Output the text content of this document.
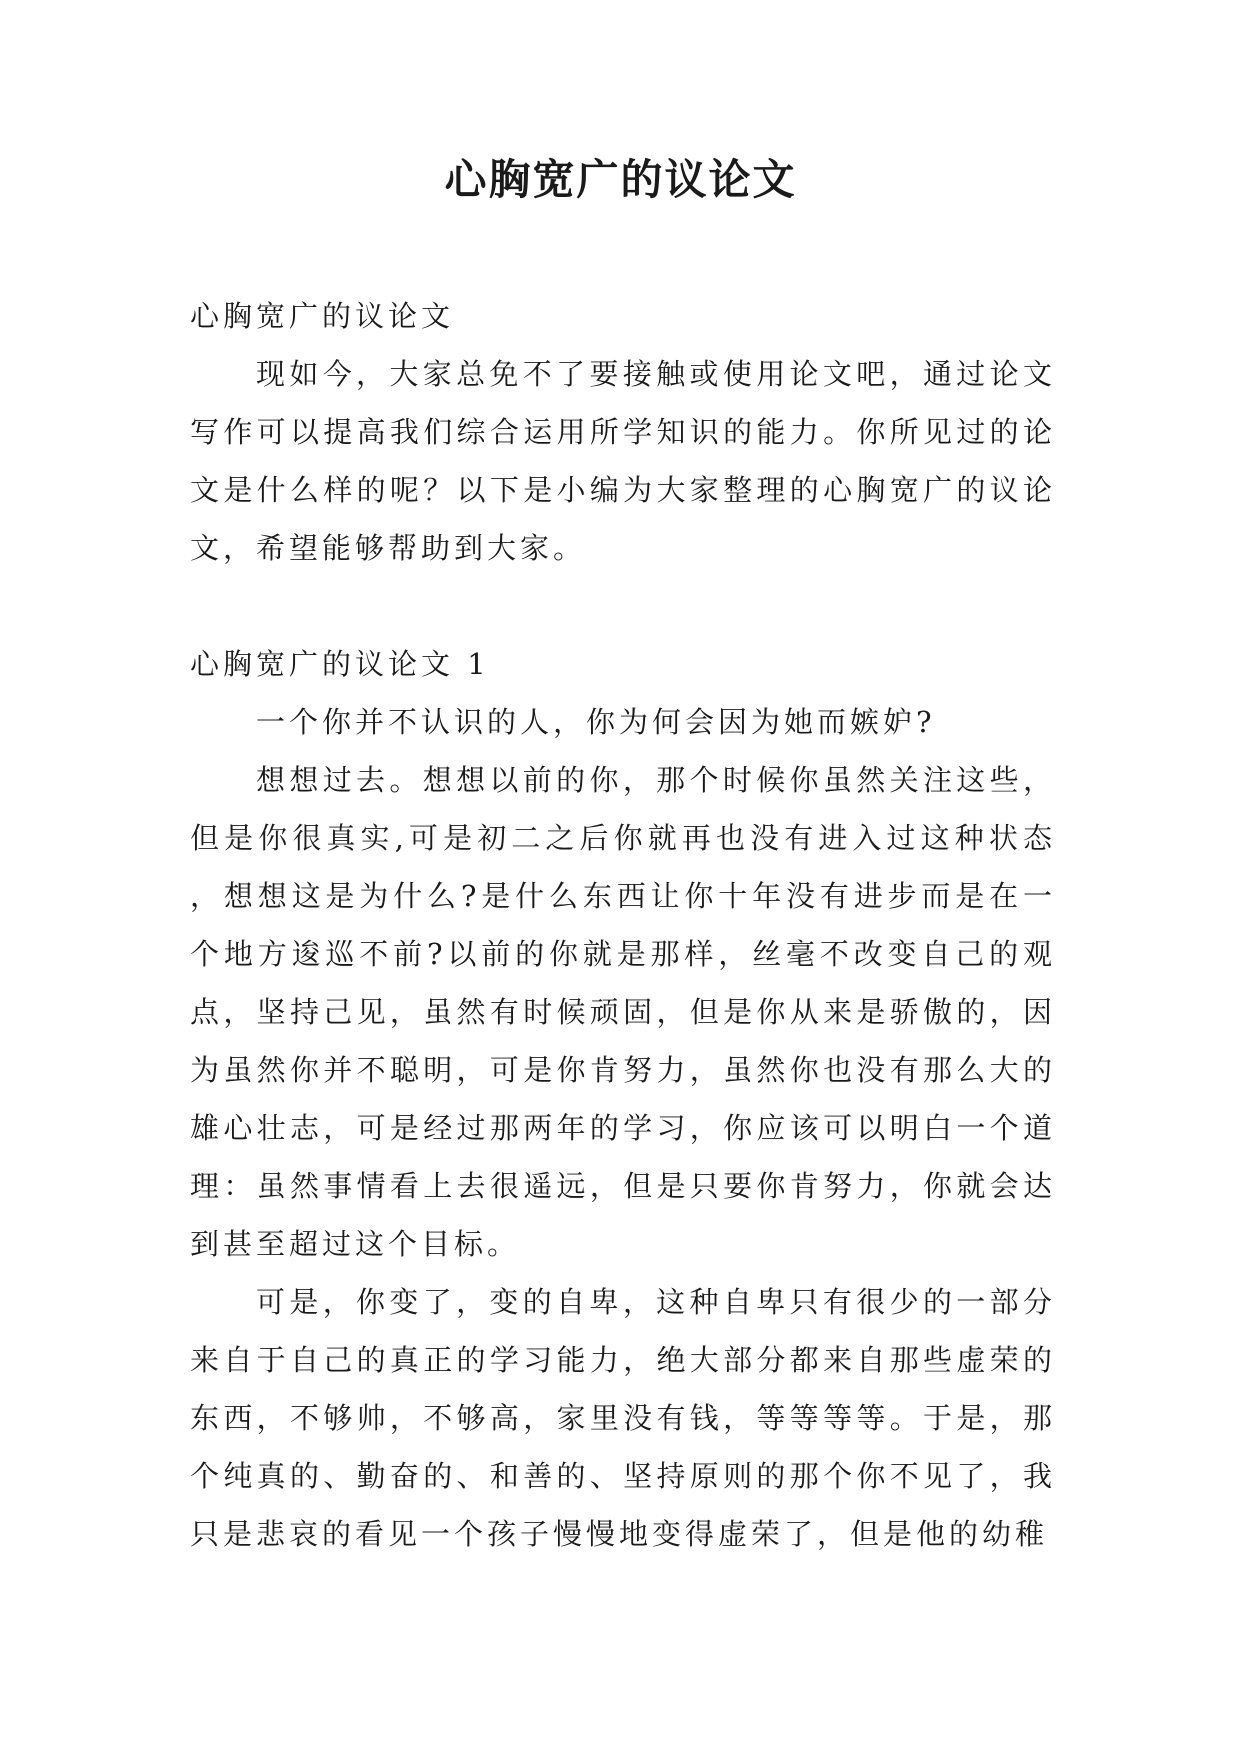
心胸宽广的议论文

心胸宽广的议论文

现如今，大家总免不了要接触或使用论文吧，通过论文写作可以提高我们综合运用所学知识的能力。你所见过的论文是什么样的呢？以下是小编为大家整理的心胸宽广的议论文，希望能够帮助到大家。

心胸宽广的议论文 1

一个你并不认识的人，你为何会因为她而嫉妒?

想想过去。想想以前的你，那个时候你虽然关注这些，但是你很真实,可是初二之后你就再也没有进入过这种状态，想想这是为什么?是什么东西让你十年没有进步而是在一个地方逡巡不前?以前的你就是那样，丝毫不改变自己的观点，坚持己见，虽然有时候顽固，但是你从来是骄傲的，因为虽然你并不聪明，可是你肯努力，虽然你也没有那么大的雄心壮志，可是经过那两年的学习，你应该可以明白一个道理：虽然事情看上去很遥远，但是只要你肯努力，你就会达到甚至超过这个目标。

可是，你变了，变的自卑，这种自卑只有很少的一部分来自于自己的真正的学习能力，绝大部分都来自那些虚荣的东西，不够帅，不够高，家里没有钱，等等等等。于是，那个纯真的、勤奋的、和善的、坚持原则的那个你不见了，我只是悲哀的看见一个孩子慢慢地变得虚荣了，但是他的幼稚
